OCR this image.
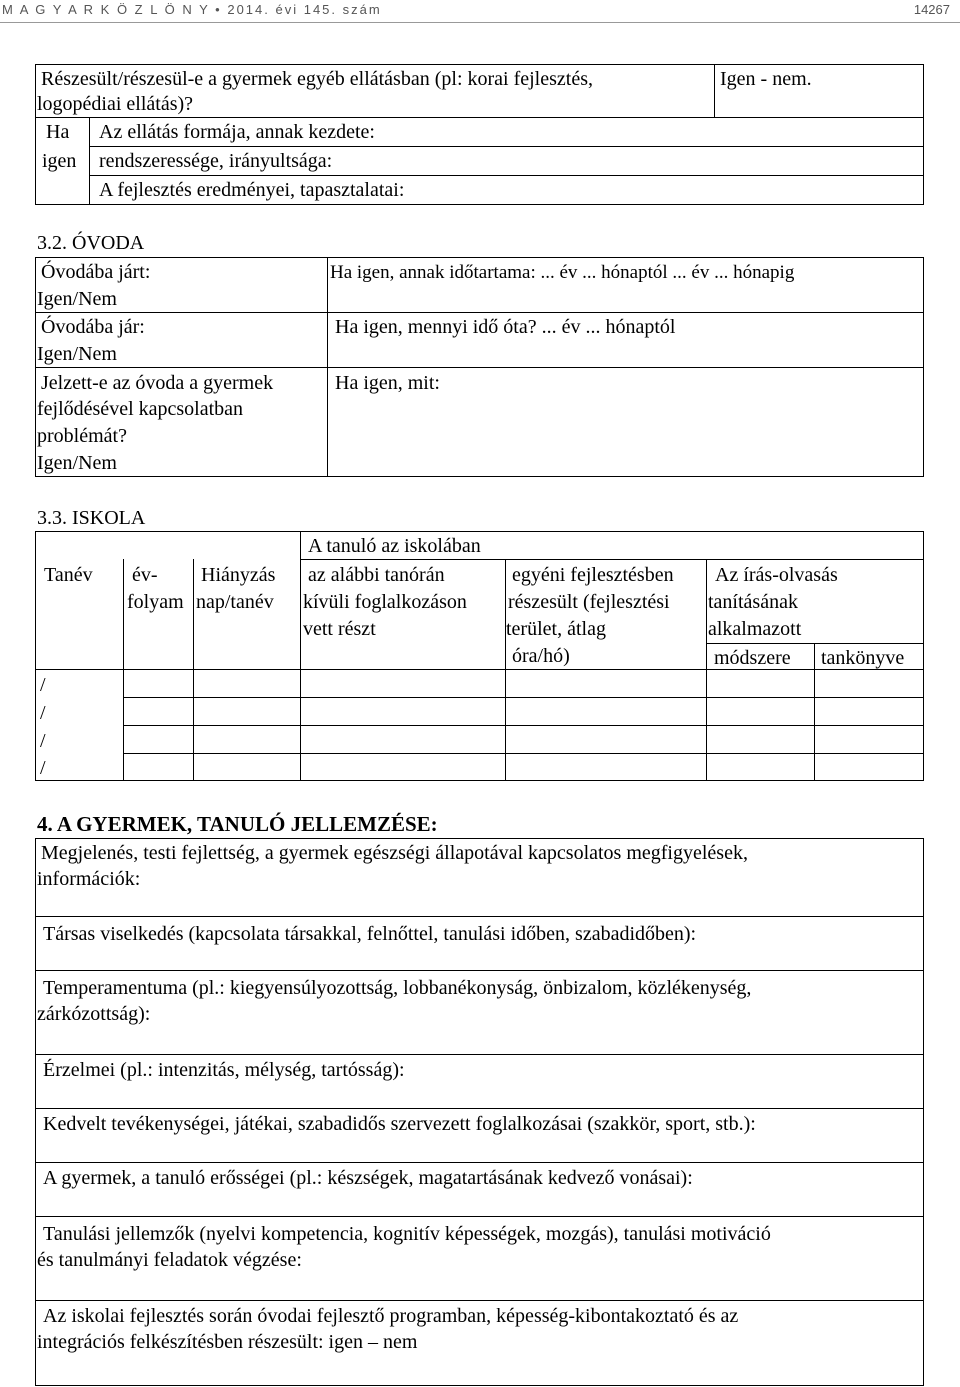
M A G Y A R K Ö Z L Ö N Y • 2014. évi 145. szám	14267
Részesült/részesül-e a gyermek egyéb ellátásban (pl: korai fejlesztés,
logopédiai ellátás)?
Igen - nem.
Ha
igen
Az ellátás formája, annak kezdete:
rendszeressége, irányultsága:
A fejlesztés eredményei, tapasztalatai:
3.2. ÓVODA
Óvodába járt:
Igen/Nem
Ha igen, annak időtartama: ... év ... hónaptól ... év ... hónapig
Óvodába jár:
Igen/Nem
Ha igen, mennyi idő óta? ... év ... hónaptól
Jelzett-e az óvoda a gyermek
fejlődésével kapcsolatban
problémát?
Igen/Nem
Ha igen, mit:
3.3. ISKOLA
A tanuló az iskolában
Tanév év-
folyam
Hiányzás
nap/tanév
az alábbi tanórán
kívüli foglalkozáson
vett részt
egyéni fejlesztésben
részesült (fejlesztési
terület, átlag
óra/hó)
Az írás-olvasás
tanításának
alkalmazott
módszere tankönyve
/
/
/
/
4. A GYERMEK, TANULÓ JELLEMZÉSE:
Megjelenés, testi fejlettség, a gyermek egészségi állapotával kapcsolatos megfigyelések,
információk:
Társas viselkedés (kapcsolata társakkal, felnőttel, tanulási időben, szabadidőben):
Temperamentuma (pl.: kiegyensúlyozottság, lobbanékonyság, önbizalom, közlékenység,
zárkózottság):
Érzelmei (pl.: intenzitás, mélység, tartósság):
Kedvelt tevékenységei, játékai, szabadidős szervezett foglalkozásai (szakkör, sport, stb.):
A gyermek, a tanuló erősségei (pl.: készségek, magatartásának kedvező vonásai):
Tanulási jellemzők (nyelvi kompetencia, kognitív képességek, mozgás), tanulási motiváció
és tanulmányi feladatok végzése:
Az iskolai fejlesztés során óvodai fejlesztő programban, képesség-kibontakoztató és az
integrációs felkészítésben részesült: igen – nem
